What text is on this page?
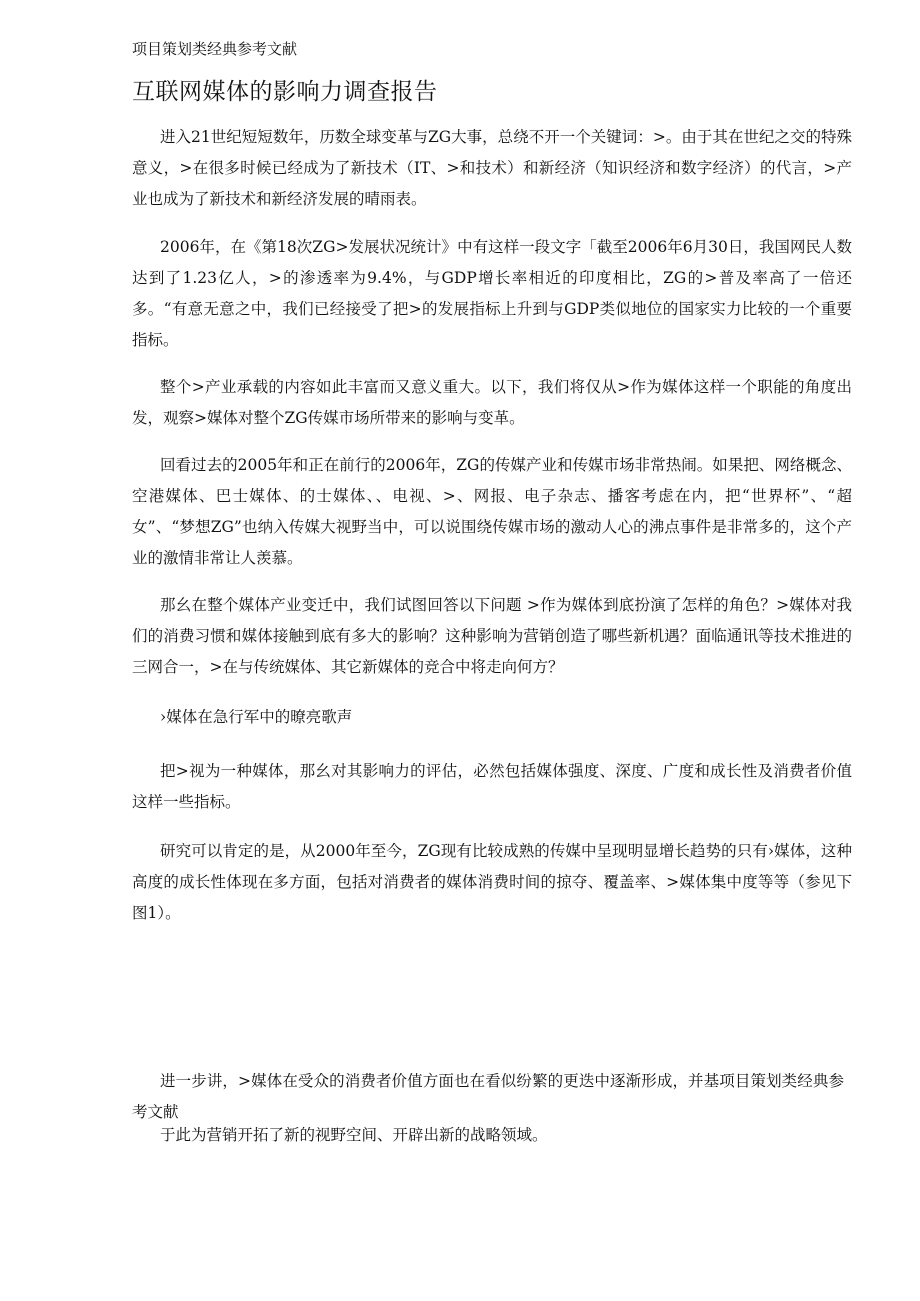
项目策划类经典参考文献
互联网媒体的影响力调查报告

进入21世纪短短数年，历数全球变革与ZG大事，总绕不开一个关键词：>。由于其在世纪之交的特殊意义，>在很多时候已经成为了新技术（IT、>和技术）和新经济（知识经济和数字经济）的代言，>产业也成为了新技术和新经济发展的晴雨表。

2006年，在《第18次ZG>发展状况统计》中有这样一段文字「截至2006年6月30日，我国网民人数达到了1.23亿人，>的渗透率为9.4%，与GDP增长率相近的印度相比，ZG的>普及率高了一倍还多。“有意无意之中，我们已经接受了把>的发展指标上升到与GDP类似地位的国家实力比较的一个重要指标。

整个>产业承载的内容如此丰富而又意义重大。以下，我们将仅从>作为媒体这样一个职能的角度出发，观察>媒体对整个ZG传媒市场所带来的影响与变革。

回看过去的2005年和正在前行的2006年，ZG的传媒产业和传媒市场非常热闹。如果把、网络概念、空港媒体、巴士媒体、的士媒体、、电视、>、网报、电子杂志、播客考虑在内，把“世界杯”、“超女”、“梦想ZG”也纳入传媒大视野当中，可以说围绕传媒市场的激动人心的沸点事件是非常多的，这个产业的激情非常让人羡慕。

那幺在整个媒体产业变迁中，我们试图回答以下问题 >作为媒体到底扮演了怎样的角色？>媒体对我们的消费习惯和媒体接触到底有多大的影响？这种影响为营销创造了哪些新机遇？面临通讯等技术推进的三网合一，>在与传统媒体、其它新媒体的竞合中将走向何方？

›媒体在急行军中的暸亮歌声

把>视为一种媒体，那幺对其影响力的评估，必然包括媒体强度、深度、广度和成长性及消费者价值这样一些指标。

研究可以肯定的是，从2000年至今，ZG现有比较成熟的传媒中呈现明显增长趋势的只有›媒体，这种高度的成长性体现在多方面，包括对消费者的媒体消费时间的掠夺、覆盖率、>媒体集中度等等（参见下图1）。

进一步讲，>媒体在受众的消费者价值方面也在看似纷繁的更迭中逐渐形成，并基项目策划类经典参考文献

于此为营销开拓了新的视野空间、开辟出新的战略领域。
